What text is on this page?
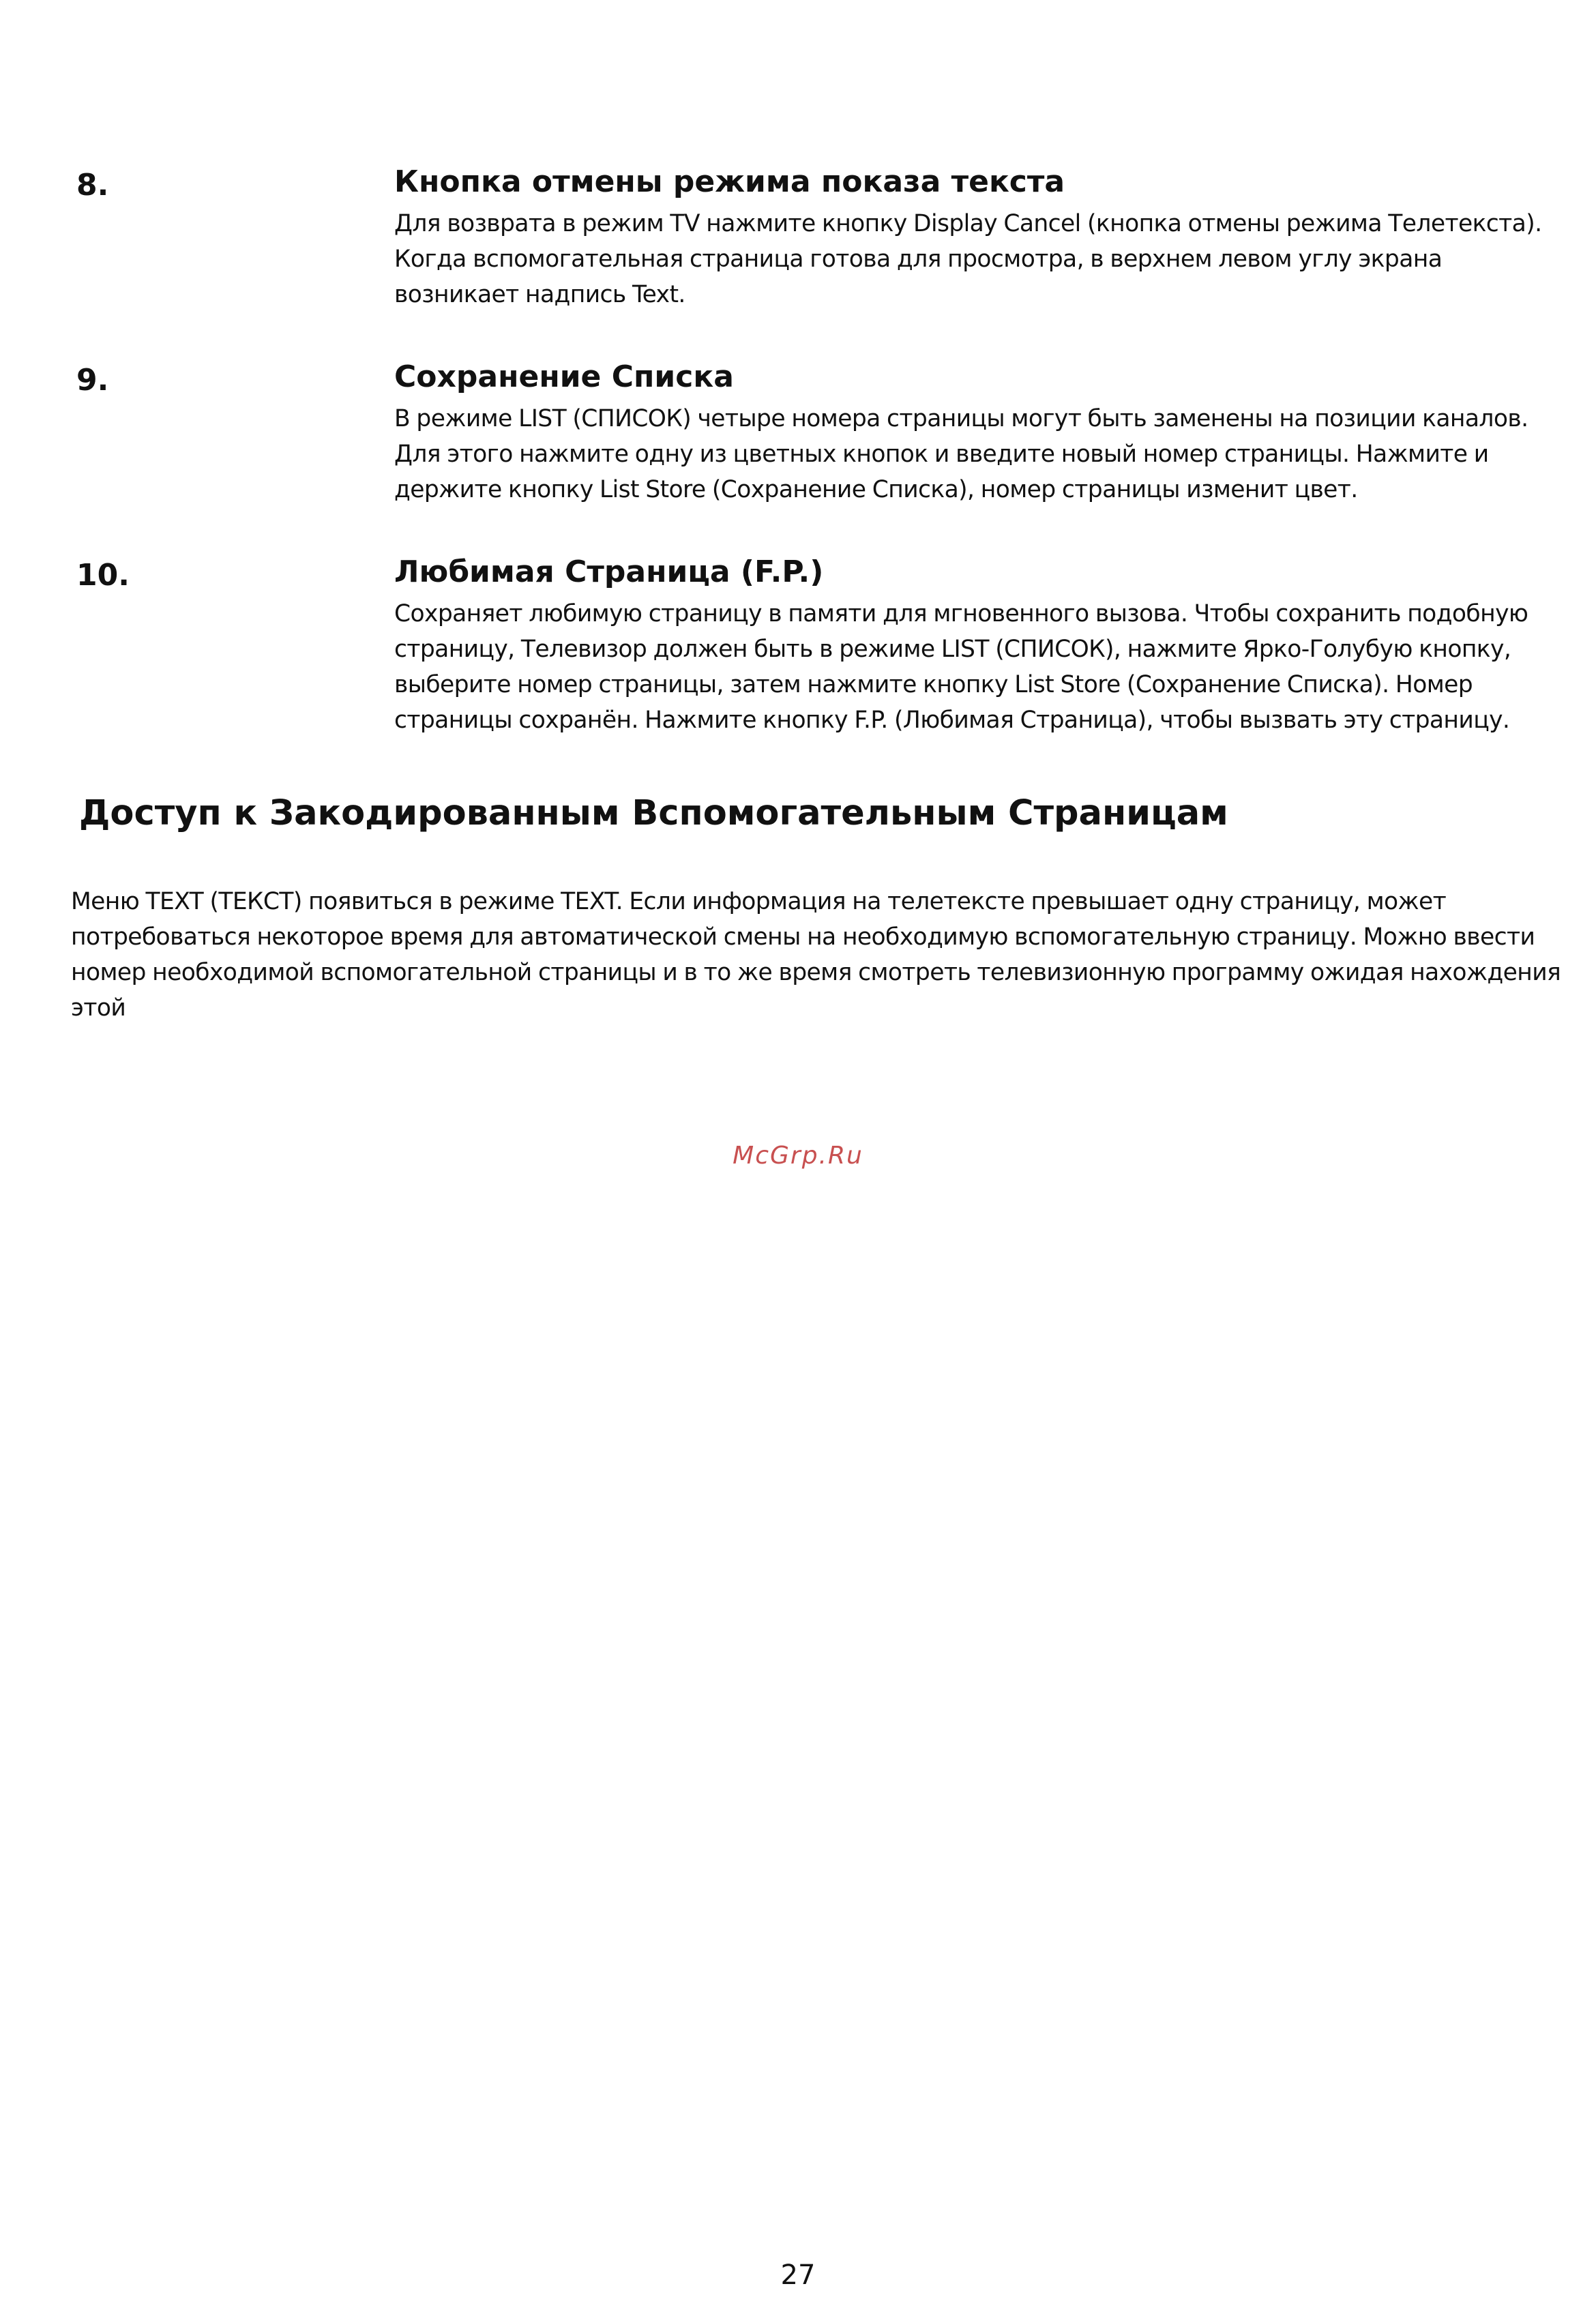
8.	Кнопка отмены режима показа текста

Для возврата в режим TV нажмите кнопку Display Cancel (кнопка отмены режима Телетекста). Когда вспомогательная страница готова для просмотра, в верхнем левом углу экрана возникает надпись Text.

9.	Сохранение Списка

В режиме LIST (СПИСОК) четыре номера страницы могут быть заменены на позиции каналов. Для этого нажмите одну из цветных кнопок и введите новый номер страницы. Нажмите и держите кнопку List Store (Сохранение Списка), номер страницы изменит цвет.

10.	Любимая Страница (F.P.)

Сохраняет любимую страницу в памяти для мгновенного вызова. Чтобы сохранить подобную страницу, Телевизор должен быть в режиме LIST (СПИСОК), нажмите Ярко-Голубую кнопку, выберите номер страницы, затем нажмите кнопку List Store (Сохранение Списка). Номер страницы сохранён. Нажмите кнопку F.P. (Любимая Страница), чтобы вызвать эту страницу.

Доступ к Закодированным Вспомогательным Страницам

Меню TEXT (ТЕКСТ) появиться в режиме TEXT. Если информация на телетексте превышает одну страницу, может потребоваться некоторое время для автоматической смены на необходимую вспомогательную страницу. Можно ввести номер необходимой вспомогательной страницы и в то же время смотреть телевизионную программу ожидая нахождения этой

McGrp.Ru

27
